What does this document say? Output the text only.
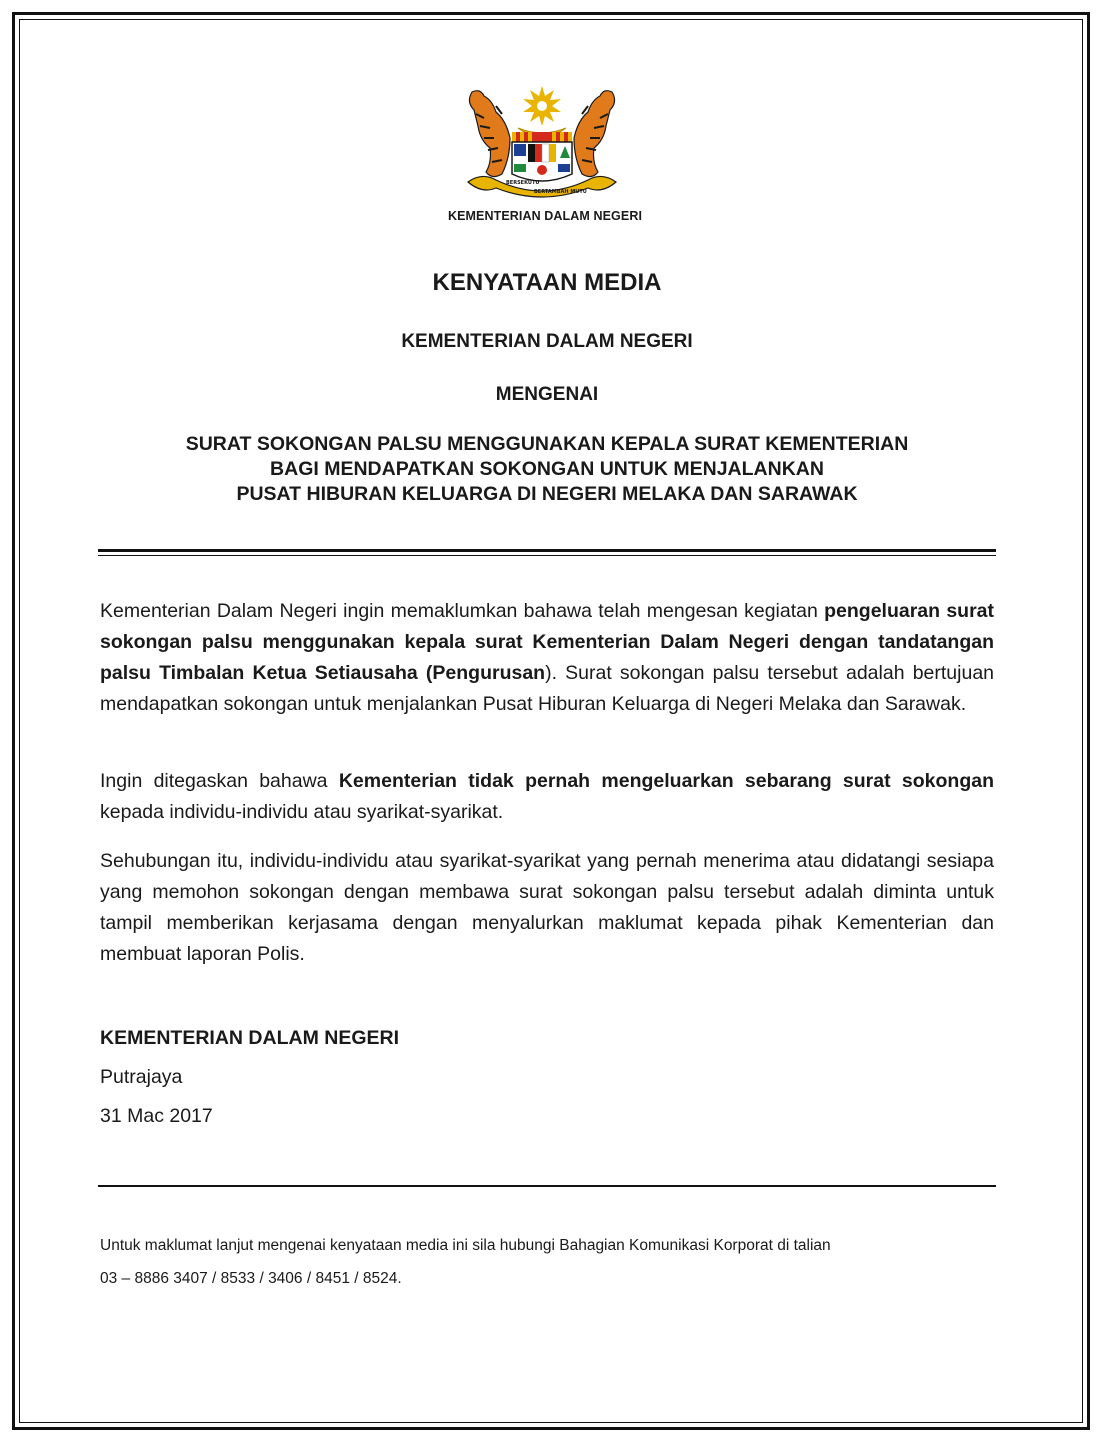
BERSEKUTU
BERTAMBAH MUTU
KEMENTERIAN DALAM NEGERI
KENYATAAN MEDIA
KEMENTERIAN DALAM NEGERI
MENGENAI
SURAT SOKONGAN PALSU MENGGUNAKAN KEPALA SURAT KEMENTERIAN
BAGI MENDAPATKAN SOKONGAN UNTUK MENJALANKAN
PUSAT HIBURAN KELUARGA DI NEGERI MELAKA DAN SARAWAK

Kementerian Dalam Negeri ingin memaklumkan bahawa telah mengesan kegiatan pengeluaran surat sokongan palsu menggunakan kepala surat Kementerian Dalam Negeri dengan tandatangan palsu Timbalan Ketua Setiausaha (Pengurusan). Surat sokongan palsu tersebut adalah bertujuan mendapatkan sokongan untuk menjalankan Pusat Hiburan Keluarga di Negeri Melaka dan Sarawak.

Ingin ditegaskan bahawa Kementerian tidak pernah mengeluarkan sebarang surat sokongan kepada individu-individu atau syarikat-syarikat.

Sehubungan itu, individu-individu atau syarikat-syarikat yang pernah menerima atau didatangi sesiapa yang memohon sokongan dengan membawa surat sokongan palsu tersebut adalah diminta untuk tampil memberikan kerjasama dengan menyalurkan maklumat kepada pihak Kementerian dan membuat laporan Polis.

KEMENTERIAN DALAM NEGERI
Putrajaya
31 Mac 2017
Untuk maklumat lanjut mengenai kenyataan media ini sila hubungi Bahagian Komunikasi Korporat di talian
03 – 8886 3407 / 8533 / 3406 / 8451 / 8524.
